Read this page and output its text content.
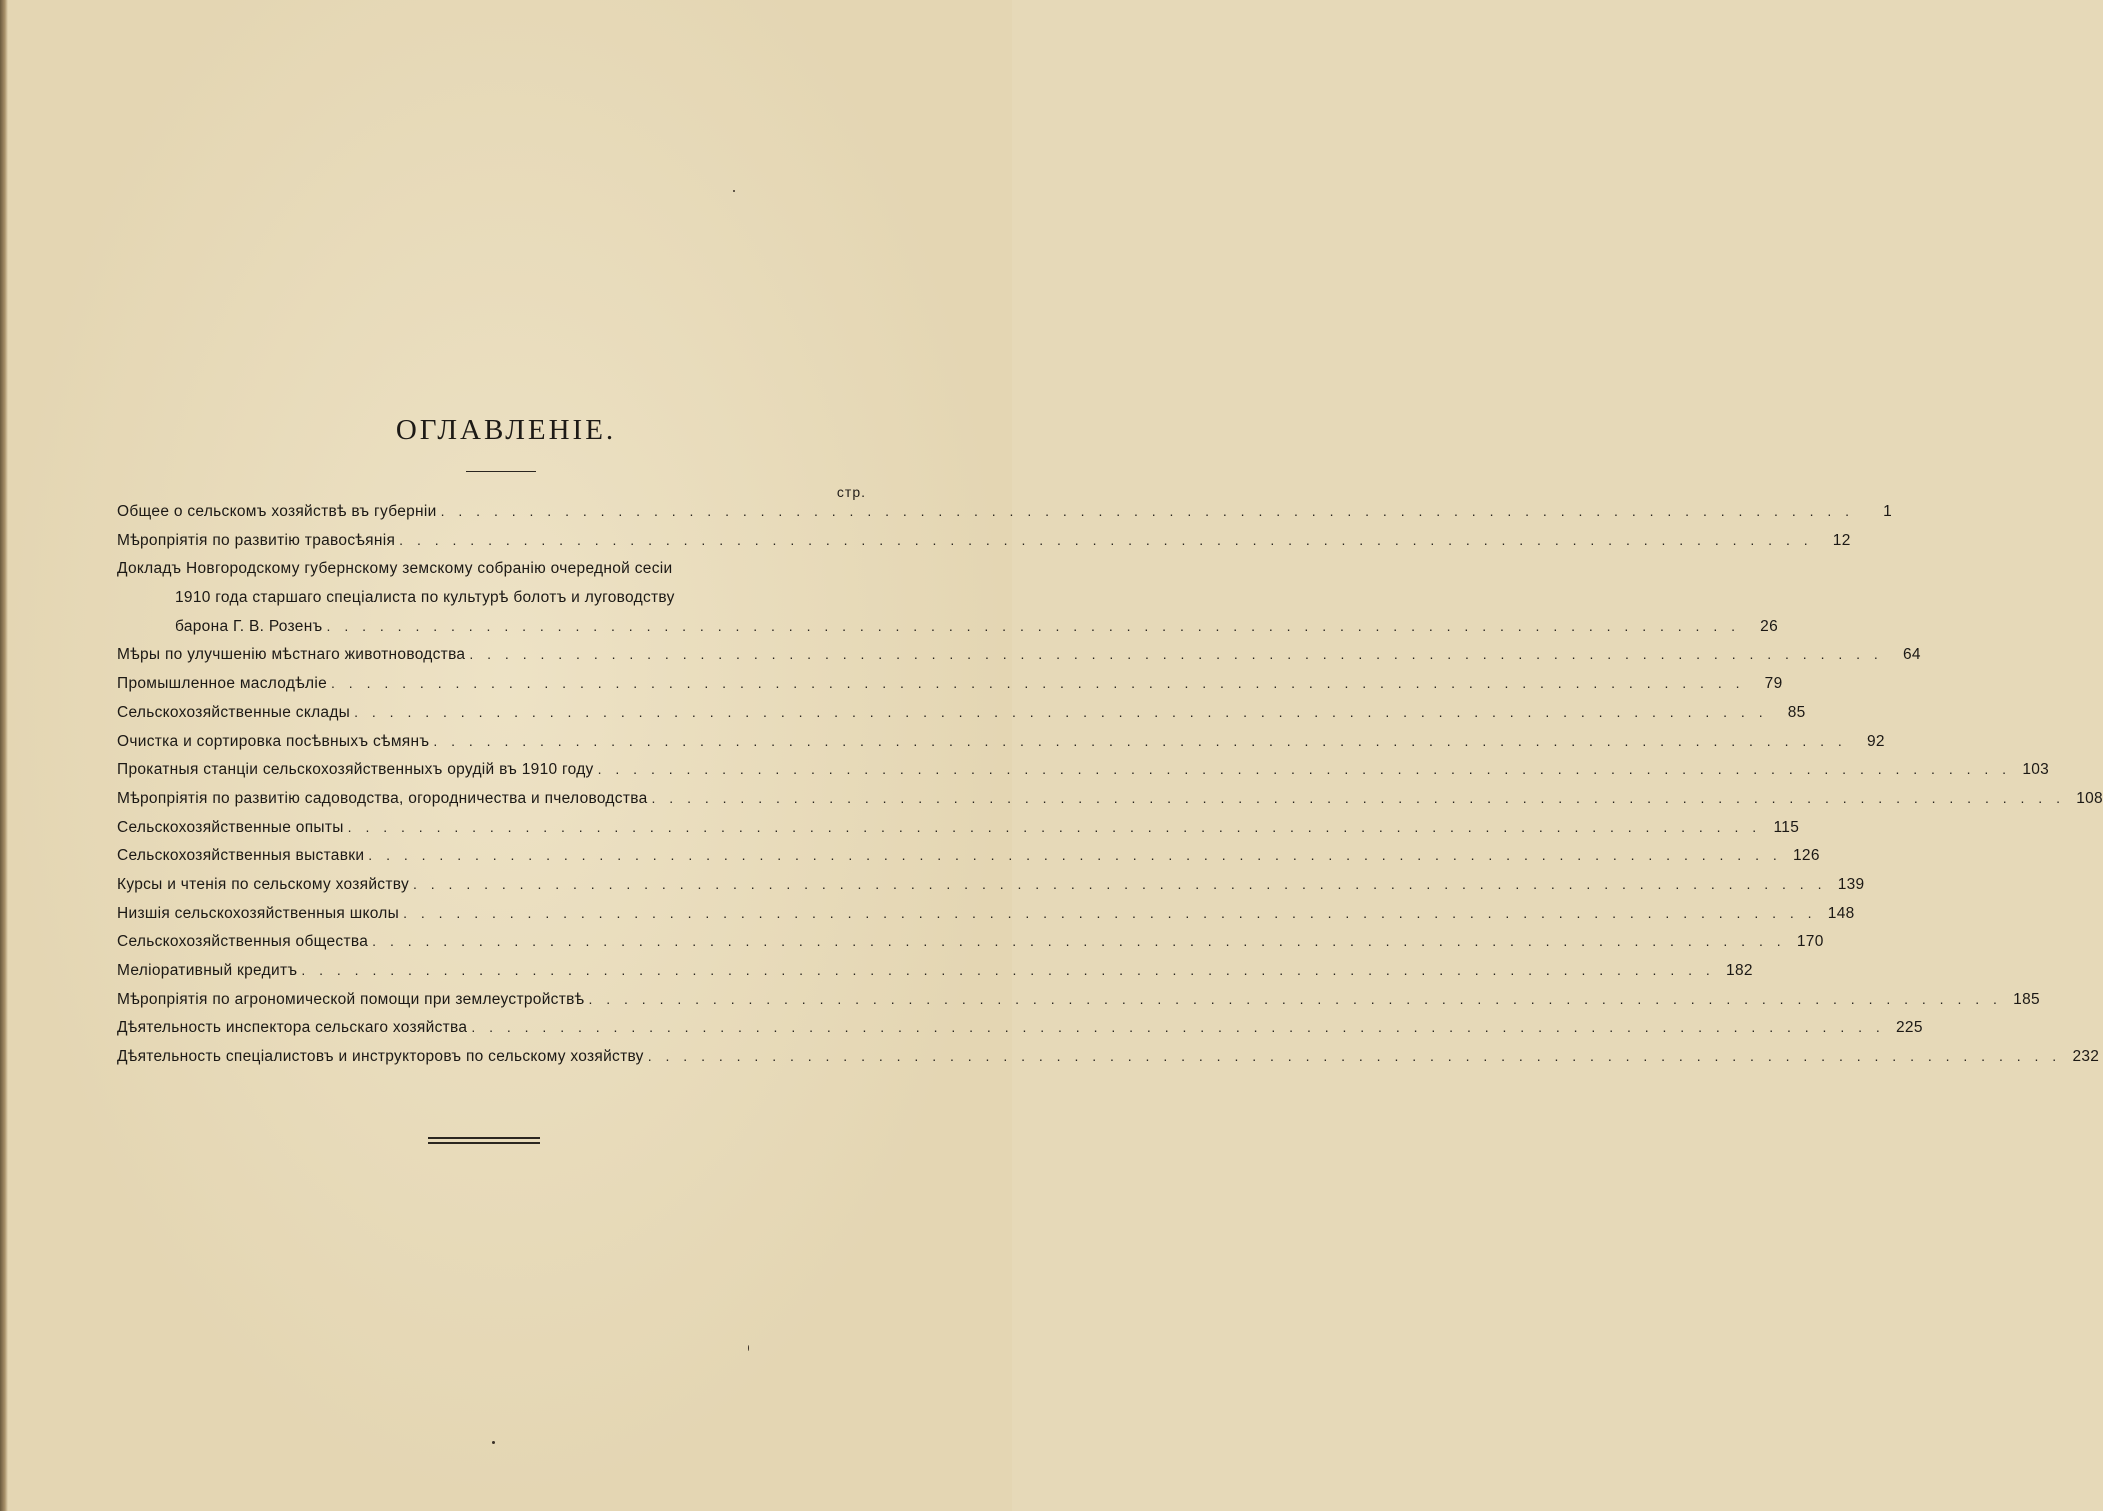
ОГЛАВЛЕНІЕ.
стр.
Общее о сельскомъ хозяйствѣ въ губерніи . . . . . . . . . . . . . . . . . . . . . . . . . . . . . . . . . . . . . . . . . . . . . . . . . . . . . . . . . . . . . . . . . . . . . . . . . . . . . . . .	1
Мѣропріятія по развитію травосѣянія . . . . . . . . . . . . . . . . . . . . . . . . . . . . . . . . . . . . . . . . . . . . . . . . . . . . . . . . . . . . . . . . . . . . . . . . . . . . . . . .	12
Докладъ Новгородскому губернскому земскому собранію очередной сесіи
1910 года старшаго спеціалиста по культурѣ болотъ и луговодству
барона Г. В. Розенъ . . . . . . . . . . . . . . . . . . . . . . . . . . . . . . . . . . . . . . . . . . . . . . . . . . . . . . . . . . . . . . . . . . . . . . . . . . . . . . . .	26
Мѣры по улучшенію мѣстнаго животноводства . . . . . . . . . . . . . . . . . . . . . . . . . . . . . . . . . . . . . . . . . . . . . . . . . . . . . . . . . . . . . . . . . . . . . . . . . . . . . . . .	64
Промышленное маслодѣліе . . . . . . . . . . . . . . . . . . . . . . . . . . . . . . . . . . . . . . . . . . . . . . . . . . . . . . . . . . . . . . . . . . . . . . . . . . . . . . . .	79
Сельскохозяйственные склады . . . . . . . . . . . . . . . . . . . . . . . . . . . . . . . . . . . . . . . . . . . . . . . . . . . . . . . . . . . . . . . . . . . . . . . . . . . . . . . .	85
Очистка и сортировка посѣвныхъ сѣмянъ . . . . . . . . . . . . . . . . . . . . . . . . . . . . . . . . . . . . . . . . . . . . . . . . . . . . . . . . . . . . . . . . . . . . . . . . . . . . . . . .	92
Прокатныя станціи сельскохозяйственныхъ орудій въ 1910 году . . . . . . . . . . . . . . . . . . . . . . . . . . . . . . . . . . . . . . . . . . . . . . . . . . . . . . . . . . . . . . . . . . . . . . . . . . . . . . . . 103
Мѣропріятія по развитію садоводства, огородничества и пчеловодства . . . . . . . . . . . . . . . . . . . . . . . . . . . . . . . . . . . . . . . . . . . . . . . . . . . . . . . . . . . . . . . . . . . . . . . . . . . . . . . . 108
Сельскохозяйственные опыты . . . . . . . . . . . . . . . . . . . . . . . . . . . . . . . . . . . . . . . . . . . . . . . . . . . . . . . . . . . . . . . . . . . . . . . . . . . . . . . . 115
Сельскохозяйственныя выставки . . . . . . . . . . . . . . . . . . . . . . . . . . . . . . . . . . . . . . . . . . . . . . . . . . . . . . . . . . . . . . . . . . . . . . . . . . . . . . . . 126
Курсы и чтенія по сельскому хозяйству . . . . . . . . . . . . . . . . . . . . . . . . . . . . . . . . . . . . . . . . . . . . . . . . . . . . . . . . . . . . . . . . . . . . . . . . . . . . . . . . 139
Низшія сельскохозяйственныя школы . . . . . . . . . . . . . . . . . . . . . . . . . . . . . . . . . . . . . . . . . . . . . . . . . . . . . . . . . . . . . . . . . . . . . . . . . . . . . . . . 148
Сельскохозяйственныя общества . . . . . . . . . . . . . . . . . . . . . . . . . . . . . . . . . . . . . . . . . . . . . . . . . . . . . . . . . . . . . . . . . . . . . . . . . . . . . . . . 170
Меліоративный кредитъ . . . . . . . . . . . . . . . . . . . . . . . . . . . . . . . . . . . . . . . . . . . . . . . . . . . . . . . . . . . . . . . . . . . . . . . . . . . . . . . . 182
Мѣропріятія по агрономической помощи при землеустройствѣ . . . . . . . . . . . . . . . . . . . . . . . . . . . . . . . . . . . . . . . . . . . . . . . . . . . . . . . . . . . . . . . . . . . . . . . . . . . . . . . . 185
Дѣятельность инспектора сельскаго хозяйства . . . . . . . . . . . . . . . . . . . . . . . . . . . . . . . . . . . . . . . . . . . . . . . . . . . . . . . . . . . . . . . . . . . . . . . . . . . . . . . . 225
Дѣятельность спеціалистовъ и инструкторовъ по сельскому хозяйству . . . . . . . . . . . . . . . . . . . . . . . . . . . . . . . . . . . . . . . . . . . . . . . . . . . . . . . . . . . . . . . . . . . . . . . . . . . . . . . . 232
